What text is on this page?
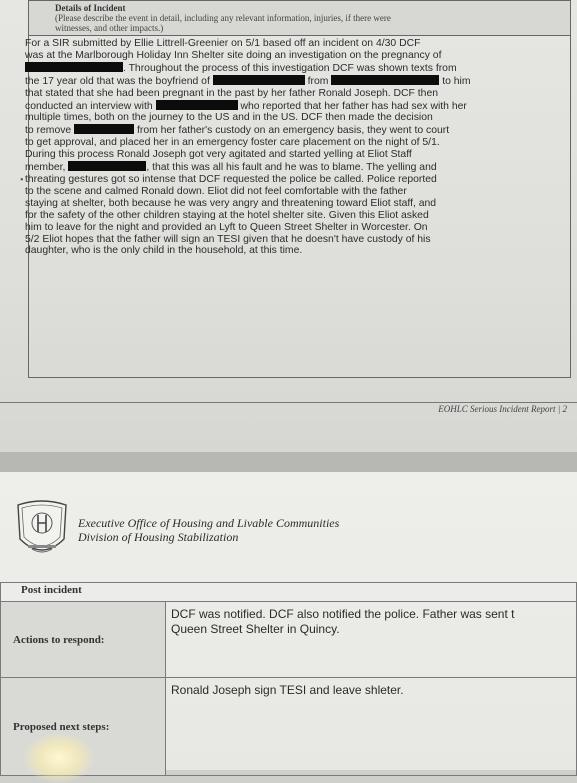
Details of Incident
(Please describe the event in detail, including any relevant information, injuries, if there were
witnesses, and other impacts.)
For a SIR submitted by Ellie Littrell-Greenier on 5/1 based off an incident on 4/30 DCF
was at the Marlborough Holiday Inn Shelter site doing an investigation on the pregnancy of
. Throughout the process of this investigation DCF was shown texts from
the 17 year old that was the boyfriend of	from	to him
that stated that she had been pregnant in the past by her father Ronald Joseph. DCF then
conducted an interview with	who reported that her father has had sex with her
multiple times, both on the journey to the US and in the US. DCF then made the decision
to remove	from her father's custody on an emergency basis, they went to court
to get approval, and placed her in an emergency foster care placement on the night of 5/1.
During this process Ronald Joseph got very agitated and started yelling at Eliot Staff
member,	, that this was all his fault and he was to blame. The yelling and
threating gestures got so intense that DCF requested the police be called. Police reported
to the scene and calmed Ronald down. Eliot did not feel comfortable with the father
staying at shelter, both because he was very angry and threatening toward Eliot staff, and
for the safety of the other children staying at the hotel shelter site. Given this Eliot asked
him to leave for the night and provided an Lyft to Queen Street Shelter in Worcester. On
5/2 Eliot hopes that the father will sign an TESI given that he doesn't have custody of his
daughter, who is the only child in the household, at this time.
•
EOHLC Serious Incident Report | 2
Executive Office of Housing and Livable Communities
Division of Housing Stabilization
Post incident	
Actions to respond:	DCF was notified. DCF also notified the police. Father was sent t
Queen Street Shelter in Quincy.

Proposed next steps:	Ronald Joseph sign TESI and leave shleter.
